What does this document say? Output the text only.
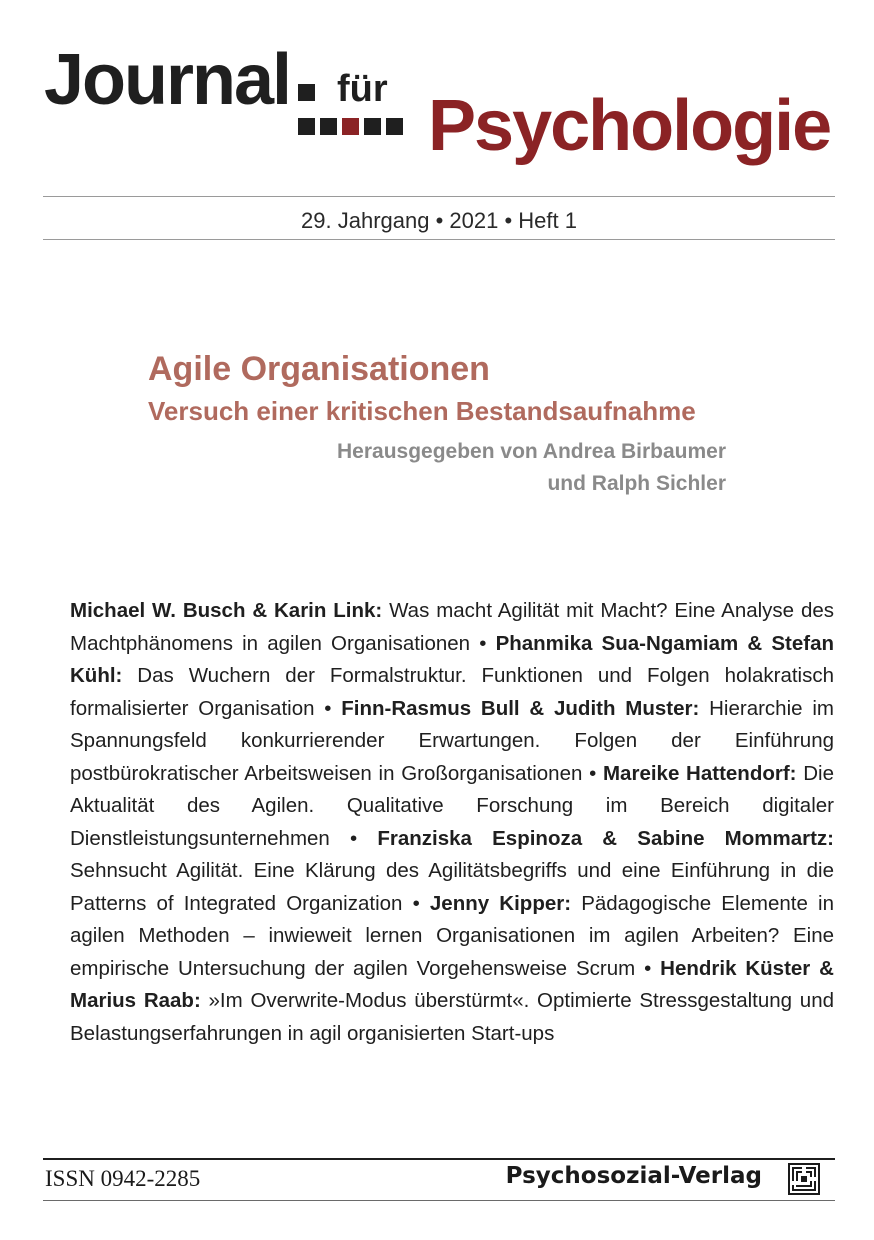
Journal für Psychologie
29. Jahrgang • 2021 • Heft 1
Agile Organisationen
Versuch einer kritischen Bestandsaufnahme
Herausgegeben von Andrea Birbaumer
und Ralph Sichler
Michael W. Busch & Karin Link: Was macht Agilität mit Macht? Eine Analyse des Machtphänomens in agilen Organisationen • Phanmika Sua-Ngamiam & Stefan Kühl: Das Wuchern der Formalstruktur. Funktionen und Folgen holakratisch formalisierter Organisation • Finn-Rasmus Bull & Judith Muster: Hierarchie im Spannungsfeld konkurrierender Erwartungen. Folgen der Einführung postbürokratischer Arbeitsweisen in Großorganisationen • Mareike Hattendorf: Die Aktualität des Agilen. Qualitative Forschung im Bereich digitaler Dienstleistungsunternehmen • Franziska Espinoza & Sabine Mommartz: Sehnsucht Agilität. Eine Klärung des Agilitätsbegriffs und eine Einführung in die Patterns of Integrated Organization • Jenny Kipper: Pädagogische Elemente in agilen Methoden – inwieweit lernen Organisationen im agilen Arbeiten? Eine empirische Untersuchung der agilen Vorgehensweise Scrum • Hendrik Küster & Marius Raab: »Im Overwrite-Modus überstürmt«. Optimierte Stressgestaltung und Belastungserfahrungen in agil organisierten Start-ups
ISSN 0942-2285	Psychosozial-Verlag
